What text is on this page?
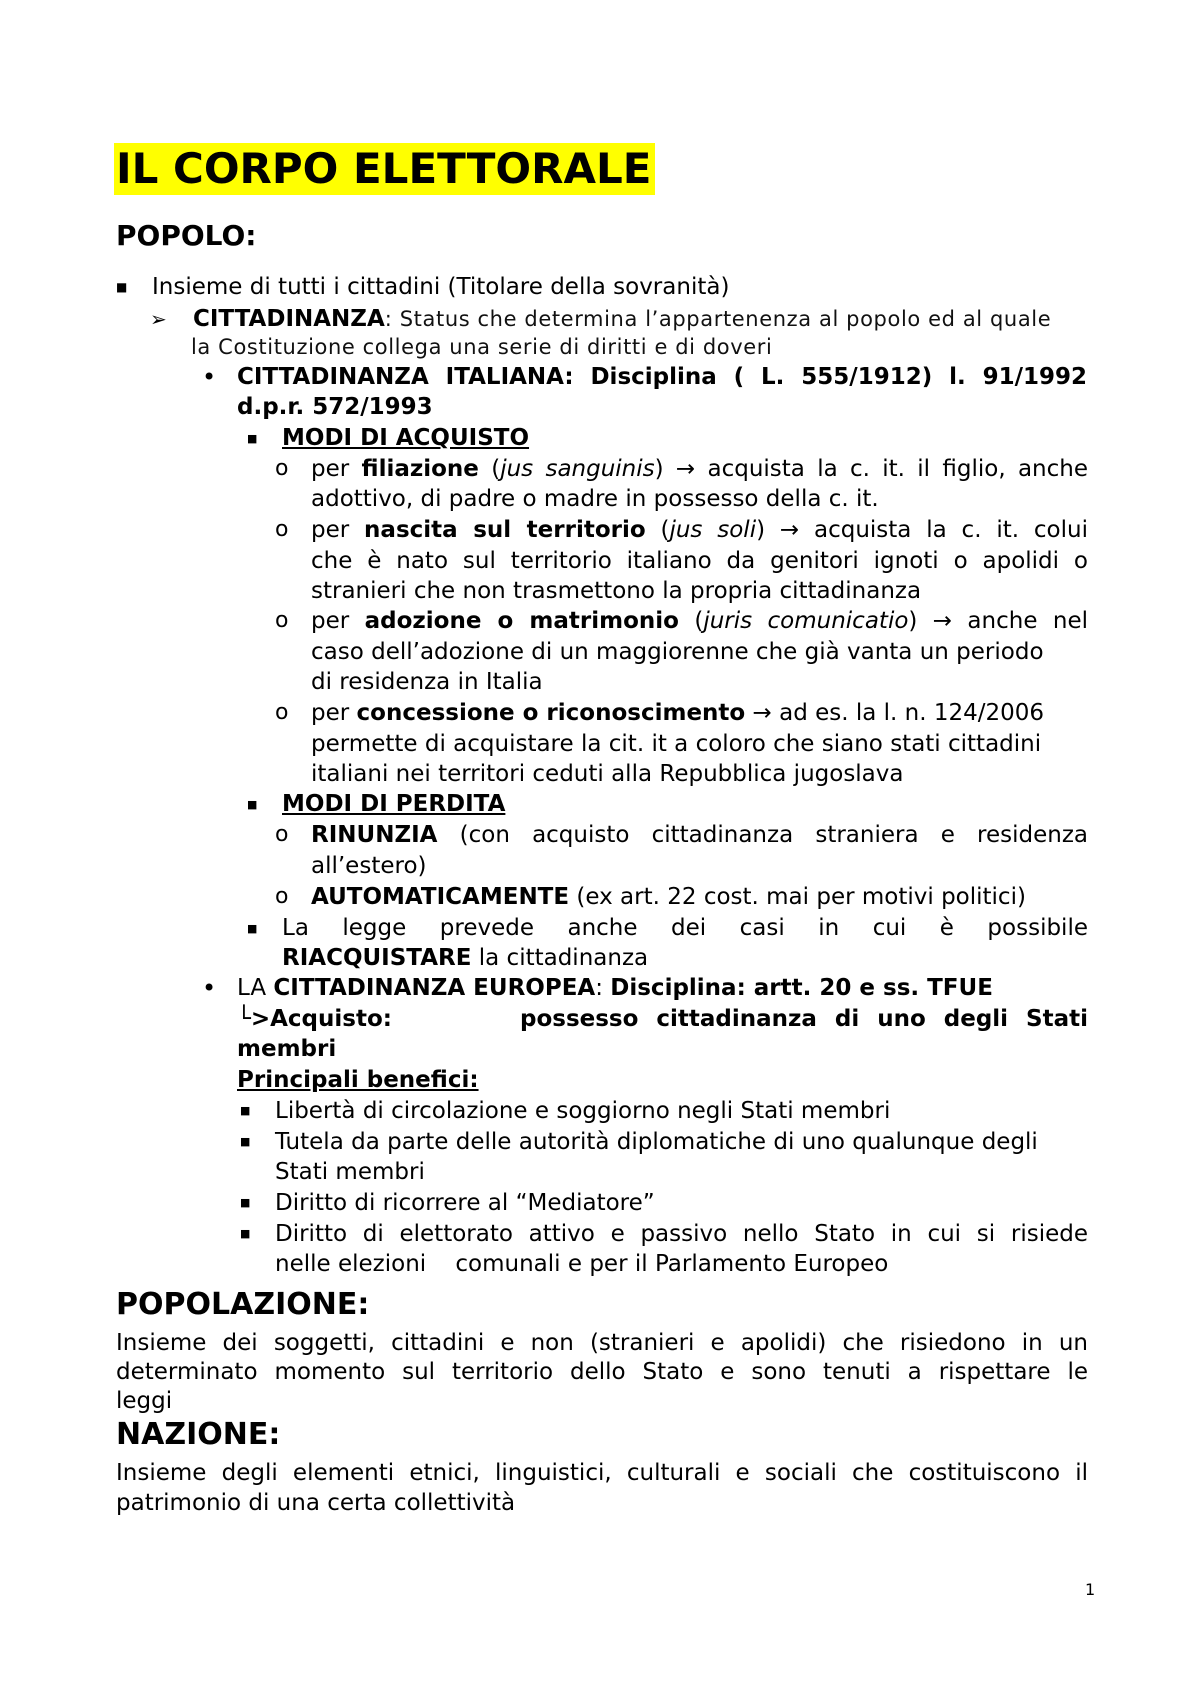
IL CORPO ELETTORALE
POPOLO:
■ Insieme di tutti i cittadini (Titolare della sovranità)
➢ CITTADINANZA: Status che determina l’appartenenza al popolo ed al quale
la Costituzione collega una serie di diritti e di doveri
• CITTADINANZA ITALIANA: Disciplina ( L. 555/1912) l. 91/1992
d.p.r. 572/1993
■ MODI DI ACQUISTO
o per filiazione (jus sanguinis) → acquista la c. it. il figlio, anche
adottivo, di padre o madre in possesso della c. it.
o per nascita sul territorio (jus soli) → acquista la c. it. colui
che è nato sul territorio italiano da genitori ignoti o apolidi o
stranieri che non trasmettono la propria cittadinanza
o per adozione o matrimonio (juris comunicatio) → anche nel
caso dell’adozione di un maggiorenne che già vanta un periodo
di residenza in Italia
o per concessione o riconoscimento → ad es. la l. n. 124/2006
permette di acquistare la cit. it a coloro che siano stati cittadini
italiani nei territori ceduti alla Repubblica jugoslava
■ MODI DI PERDITA
o RINUNZIA (con acquisto cittadinanza straniera e residenza
all’estero)
o AUTOMATICAMENTE (ex art. 22 cost. mai per motivi politici)
■ La legge prevede anche dei casi in cui è possibile
RIACQUISTARE la cittadinanza
• LA CITTADINANZA EUROPEA: Disciplina: artt. 20 e ss. TFUE
└>Acquisto:	possesso cittadinanza di uno degli Stati
membri
Principali benefici:
■ Libertà di circolazione e soggiorno negli Stati membri
■ Tutela da parte delle autorità diplomatiche di uno qualunque degli
Stati membri
■ Diritto di ricorrere al “Mediatore”
■ Diritto di elettorato attivo e passivo nello Stato in cui si risiede
nelle elezioni    comunali e per il Parlamento Europeo
POPOLAZIONE:
Insieme dei soggetti, cittadini e non (stranieri e apolidi) che risiedono in un
determinato momento sul territorio dello Stato e sono tenuti a rispettare le
leggi
NAZIONE:
Insieme degli elementi etnici, linguistici, culturali e sociali che costituiscono il
patrimonio di una certa collettività
1
